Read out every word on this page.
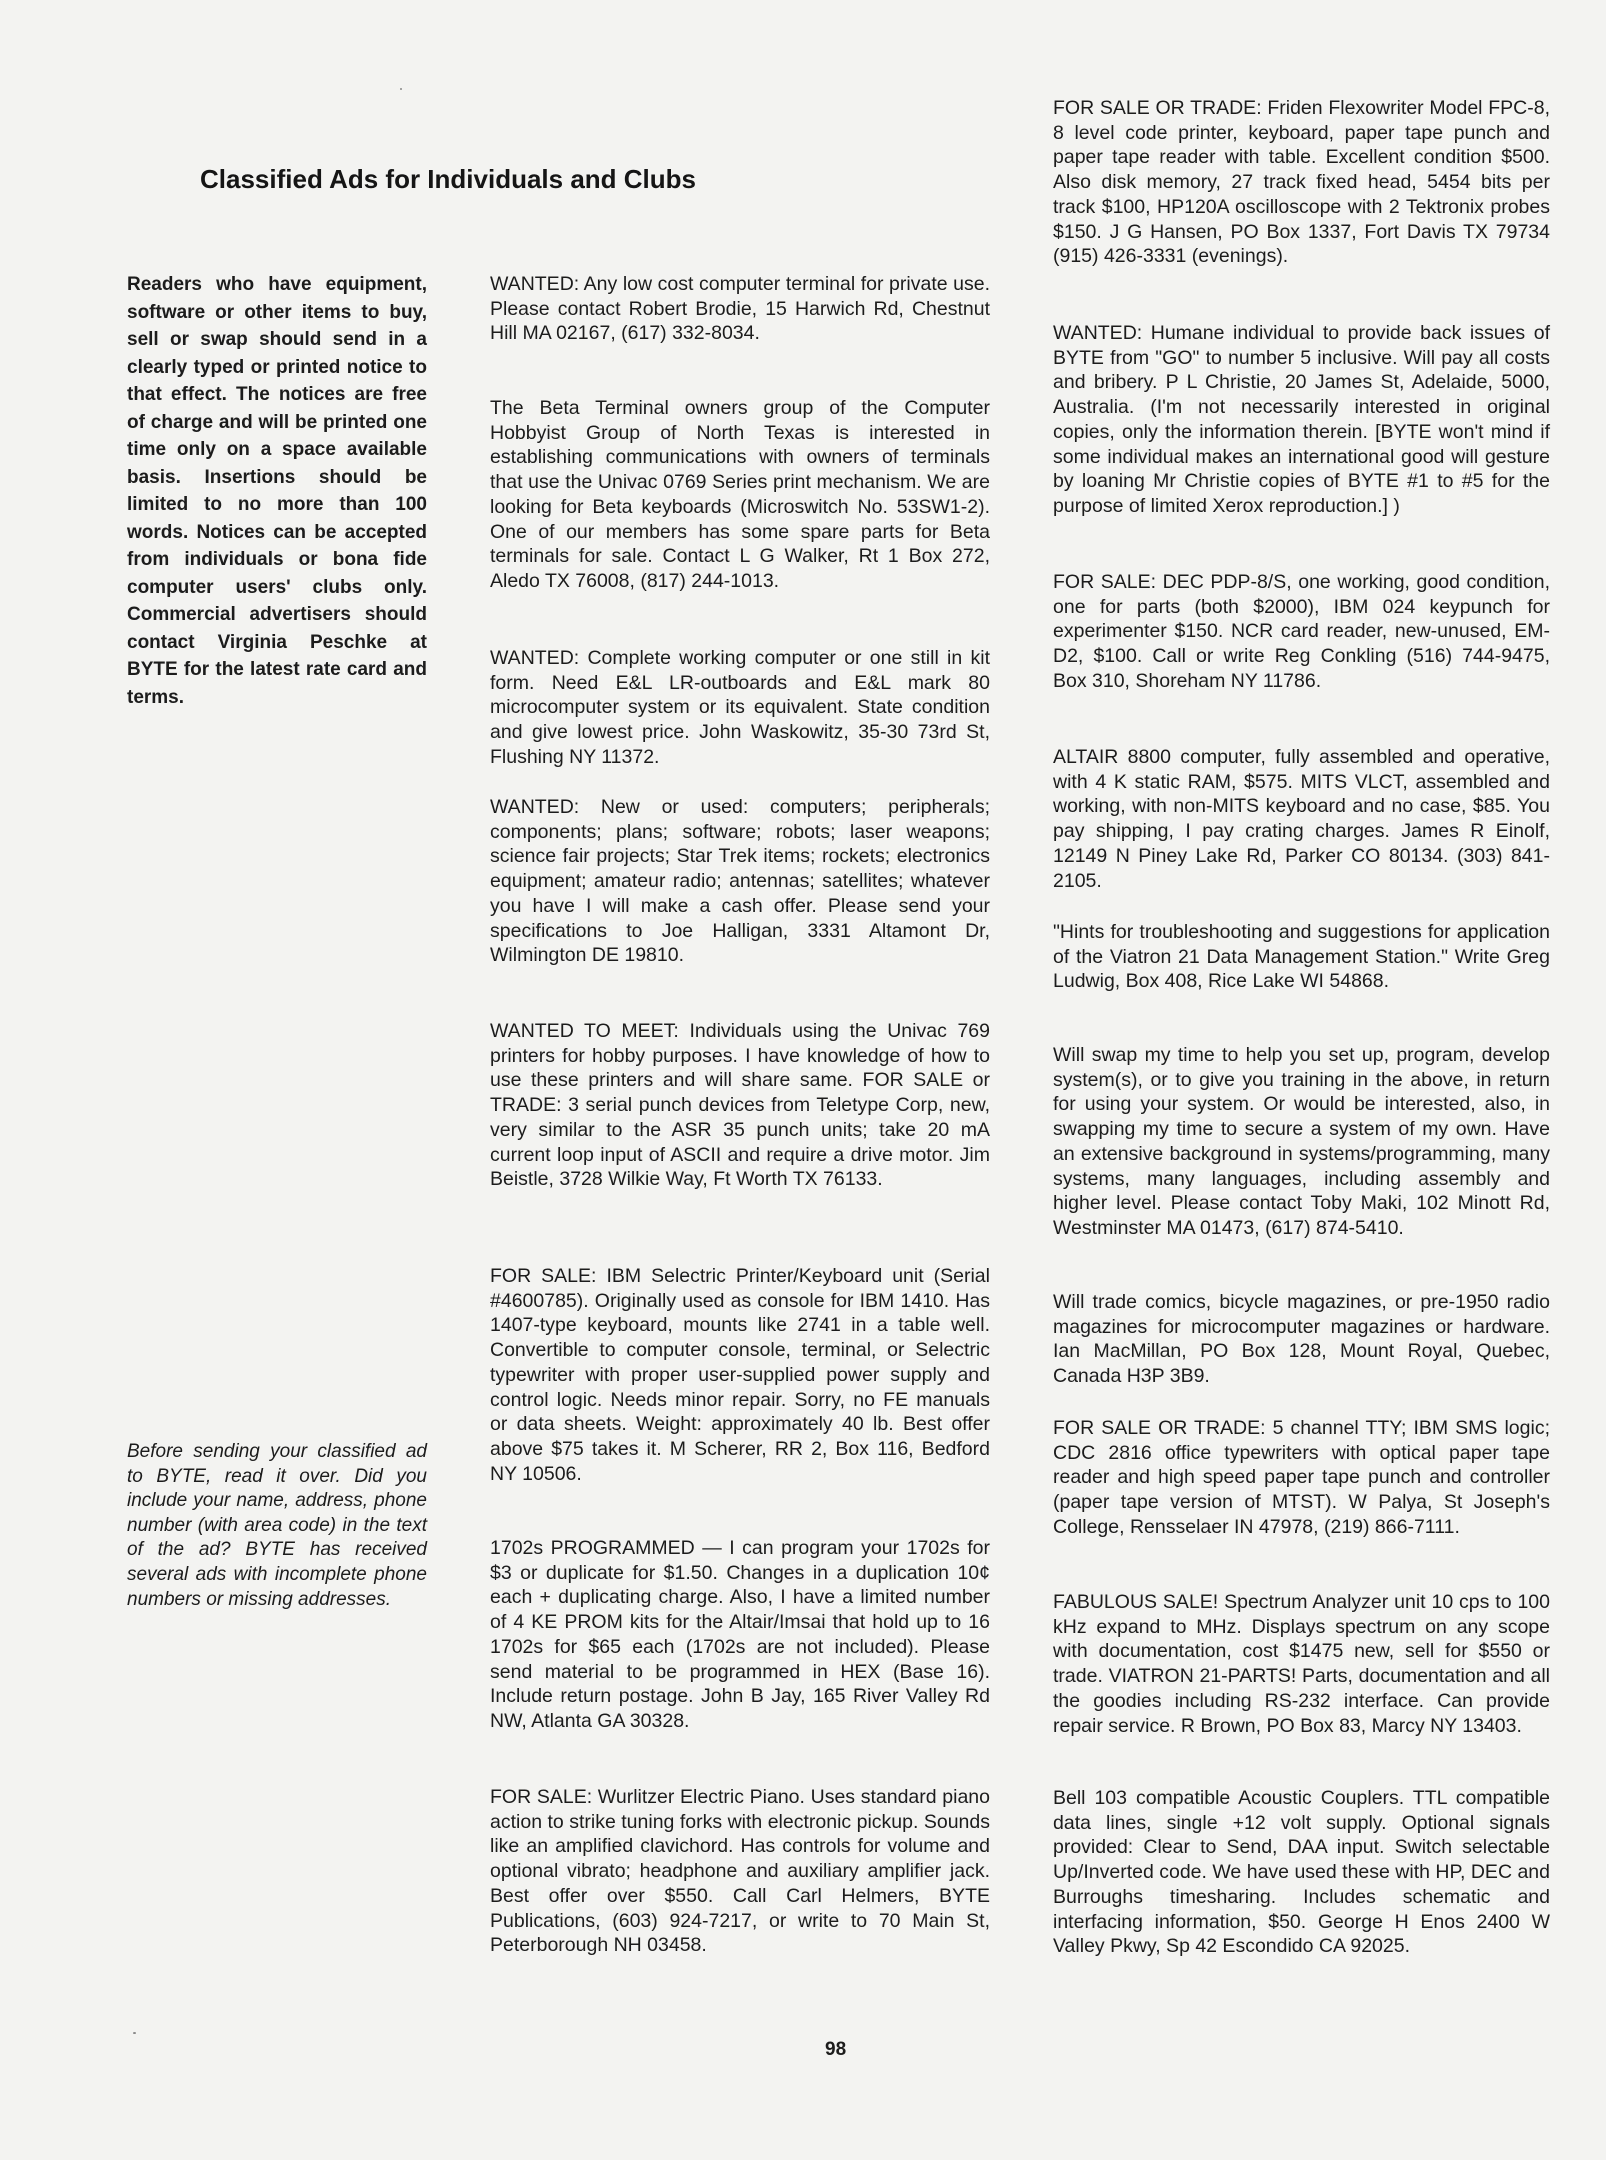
Classified Ads for Individuals and Clubs

Readers who have equipment, software or other items to buy, sell or swap should send in a clearly typed or printed notice to that effect. The notices are free of charge and will be printed one time only on a space available basis. Insertions should be limited to no more than 100 words. Notices can be accepted from individuals or bona fide computer users' clubs only. Commercial advertisers should contact Virginia Peschke at BYTE for the latest rate card and terms.

Before sending your classified ad to BYTE, read it over. Did you include your name, address, phone number (with area code) in the text of the ad? BYTE has received several ads with incomplete phone numbers or missing addresses.

WANTED: Any low cost computer terminal for private use. Please contact Robert Brodie, 15 Harwich Rd, Chestnut Hill MA 02167, (617) 332-8034.

The Beta Terminal owners group of the Computer Hobbyist Group of North Texas is interested in establishing communications with owners of terminals that use the Univac 0769 Series print mechanism. We are looking for Beta keyboards (Microswitch No. 53SW1-2). One of our members has some spare parts for Beta terminals for sale. Contact L G Walker, Rt 1 Box 272, Aledo TX 76008, (817) 244-1013.

WANTED: Complete working computer or one still in kit form. Need E&L LR-outboards and E&L mark 80 microcomputer system or its equivalent. State condition and give lowest price. John Waskowitz, 35-30 73rd St, Flushing NY 11372.

WANTED: New or used: computers; peripherals; components; plans; software; robots; laser weapons; science fair projects; Star Trek items; rockets; electronics equipment; amateur radio; antennas; satellites; whatever you have I will make a cash offer. Please send your specifications to Joe Halligan, 3331 Altamont Dr, Wilmington DE 19810.

WANTED TO MEET: Individuals using the Univac 769 printers for hobby purposes. I have knowledge of how to use these printers and will share same. FOR SALE or TRADE: 3 serial punch devices from Teletype Corp, new, very similar to the ASR 35 punch units; take 20 mA current loop input of ASCII and require a drive motor. Jim Beistle, 3728 Wilkie Way, Ft Worth TX 76133.

FOR SALE: IBM Selectric Printer/Keyboard unit (Serial #4600785). Originally used as console for IBM 1410. Has 1407-type keyboard, mounts like 2741 in a table well. Convertible to computer console, terminal, or Selectric typewriter with proper user-supplied power supply and control logic. Needs minor repair. Sorry, no FE manuals or data sheets. Weight: approximately 40 lb. Best offer above $75 takes it. M Scherer, RR 2, Box 116, Bedford NY 10506.

1702s PROGRAMMED — I can program your 1702s for $3 or duplicate for $1.50. Changes in a duplication 10¢ each + duplicating charge. Also, I have a limited number of 4 KE PROM kits for the Altair/Imsai that hold up to 16 1702s for $65 each (1702s are not included). Please send material to be programmed in HEX (Base 16). Include return postage. John B Jay, 165 River Valley Rd NW, Atlanta GA 30328.

FOR SALE: Wurlitzer Electric Piano. Uses standard piano action to strike tuning forks with electronic pickup. Sounds like an amplified clavichord. Has controls for volume and optional vibrato; headphone and auxiliary amplifier jack. Best offer over $550. Call Carl Helmers, BYTE Publications, (603) 924-7217, or write to 70 Main St, Peterborough NH 03458.

FOR SALE OR TRADE: Friden Flexowriter Model FPC-8, 8 level code printer, keyboard, paper tape punch and paper tape reader with table. Excellent condition $500. Also disk memory, 27 track fixed head, 5454 bits per track $100, HP120A oscilloscope with 2 Tektronix probes $150. J G Hansen, PO Box 1337, Fort Davis TX 79734 (915) 426-3331 (evenings).

WANTED: Humane individual to provide back issues of BYTE from "GO" to number 5 inclusive. Will pay all costs and bribery. P L Christie, 20 James St, Adelaide, 5000, Australia. (I'm not necessarily interested in original copies, only the information therein. [BYTE won't mind if some individual makes an international good will gesture by loaning Mr Christie copies of BYTE #1 to #5 for the purpose of limited Xerox reproduction.] )

FOR SALE: DEC PDP-8/S, one working, good condition, one for parts (both $2000), IBM 024 keypunch for experimenter $150. NCR card reader, new-unused, EM-D2, $100. Call or write Reg Conkling (516) 744-9475, Box 310, Shoreham NY 11786.

ALTAIR 8800 computer, fully assembled and operative, with 4 K static RAM, $575. MITS VLCT, assembled and working, with non-MITS keyboard and no case, $85. You pay shipping, I pay crating charges. James R Einolf, 12149 N Piney Lake Rd, Parker CO 80134. (303) 841-2105.

"Hints for troubleshooting and suggestions for application of the Viatron 21 Data Management Station." Write Greg Ludwig, Box 408, Rice Lake WI 54868.

Will swap my time to help you set up, program, develop system(s), or to give you training in the above, in return for using your system. Or would be interested, also, in swapping my time to secure a system of my own. Have an extensive background in systems/programming, many systems, many languages, including assembly and higher level. Please contact Toby Maki, 102 Minott Rd, Westminster MA 01473, (617) 874-5410.

Will trade comics, bicycle magazines, or pre-1950 radio magazines for microcomputer magazines or hardware. Ian MacMillan, PO Box 128, Mount Royal, Quebec, Canada H3P 3B9.

FOR SALE OR TRADE: 5 channel TTY; IBM SMS logic; CDC 2816 office typewriters with optical paper tape reader and high speed paper tape punch and controller (paper tape version of MTST). W Palya, St Joseph's College, Rensselaer IN 47978, (219) 866-7111.

FABULOUS SALE! Spectrum Analyzer unit 10 cps to 100 kHz expand to MHz. Displays spectrum on any scope with documentation, cost $1475 new, sell for $550 or trade. VIATRON 21-PARTS! Parts, documentation and all the goodies including RS-232 interface. Can provide repair service. R Brown, PO Box 83, Marcy NY 13403.

Bell 103 compatible Acoustic Couplers. TTL compatible data lines, single +12 volt supply. Optional signals provided: Clear to Send, DAA input. Switch selectable Up/Inverted code. We have used these with HP, DEC and Burroughs timesharing. Includes schematic and interfacing information, $50. George H Enos 2400 W Valley Pkwy, Sp 42 Escondido CA 92025.

98
